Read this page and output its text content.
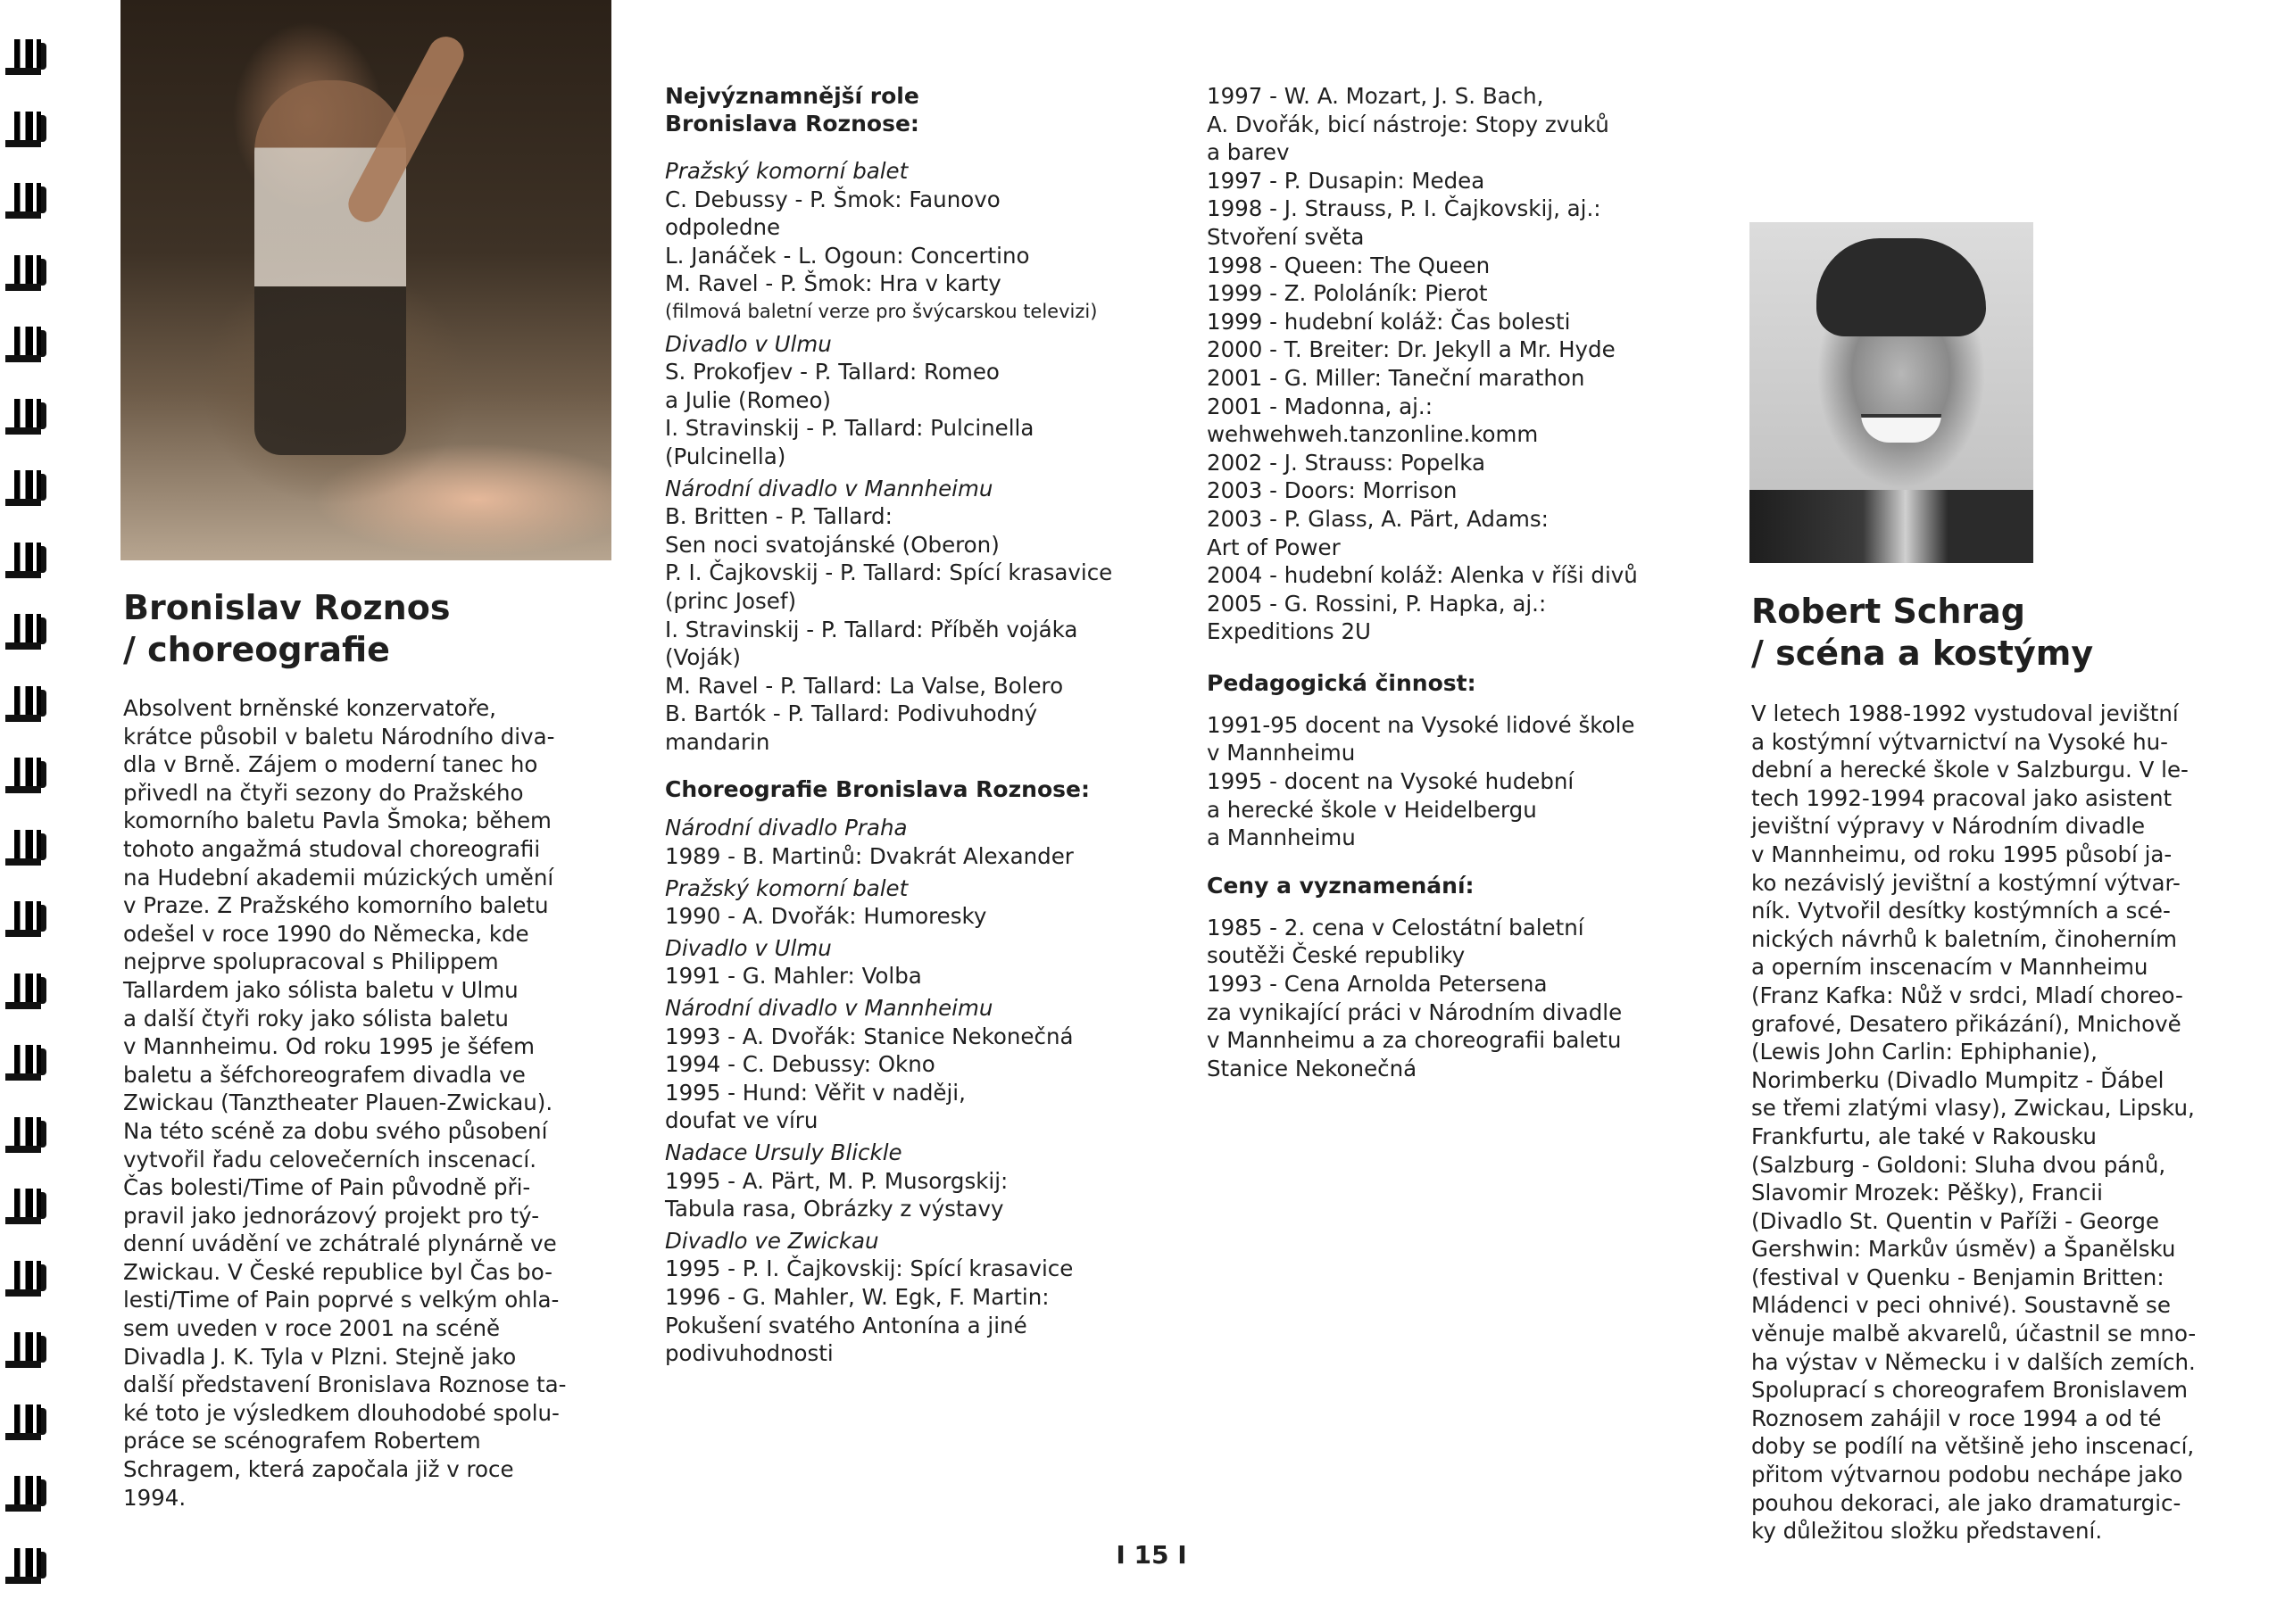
Bronislav Roznos
/ choreografie
Absolvent brněnské konzervatoře,
krátce působil v baletu Národního diva-
dla v Brně. Zájem o moderní tanec ho
přivedl na čtyři sezony do Pražského
komorního baletu Pavla Šmoka; během
tohoto angažmá studoval choreografii
na Hudební akademii múzických umění
v Praze. Z Pražského komorního baletu
odešel v roce 1990 do Německa, kde
nejprve spolupracoval s Philippem
Tallardem jako sólista baletu v Ulmu
a další čtyři roky jako sólista baletu
v Mannheimu. Od roku 1995 je šéfem
baletu a šéfchoreografem divadla ve
Zwickau (Tanztheater Plauen-Zwickau).
Na této scéně za dobu svého působení
vytvořil řadu celovečerních inscenací.
Čas bolesti/Time of Pain původně při-
pravil jako jednorázový projekt pro tý-
denní uvádění ve zchátralé plynárně ve
Zwickau. V České republice byl Čas bo-
lesti/Time of Pain poprvé s velkým ohla-
sem uveden v roce 2001 na scéně
Divadla J. K. Tyla v Plzni. Stejně jako
další představení Bronislava Roznose ta-
ké toto je výsledkem dlouhodobé spolu-
práce se scénografem Robertem
Schragem, která započala již v roce
1994.
Nejvýznamnější role
Bronislava Roznose:
Pražský komorní balet
C. Debussy - P. Šmok: Faunovo
odpoledne
L. Janáček - L. Ogoun: Concertino
M. Ravel - P. Šmok: Hra v karty
(filmová baletní verze pro švýcarskou televizi)
Divadlo v Ulmu
S. Prokofjev - P. Tallard: Romeo
a Julie (Romeo)
I. Stravinskij - P. Tallard: Pulcinella
(Pulcinella)
Národní divadlo v Mannheimu
B. Britten - P. Tallard:
Sen noci svatojánské (Oberon)
P. I. Čajkovskij - P. Tallard: Spící krasavice
(princ Josef)
I. Stravinskij - P. Tallard: Příběh vojáka
(Voják)
M. Ravel - P. Tallard: La Valse, Bolero
B. Bartók - P. Tallard: Podivuhodný
mandarin
Choreografie Bronislava Roznose:
Národní divadlo Praha
1989 - B. Martinů: Dvakrát Alexander
Pražský komorní balet
1990 - A. Dvořák: Humoresky
Divadlo v Ulmu
1991 - G. Mahler: Volba
Národní divadlo v Mannheimu
1993 - A. Dvořák: Stanice Nekonečná
1994 - C. Debussy: Okno
1995 - Hund: Věřit v naději,
doufat ve víru
Nadace Ursuly Blickle
1995 - A. Pärt, M. P. Musorgskij:
Tabula rasa, Obrázky z výstavy
Divadlo ve Zwickau
1995 - P. I. Čajkovskij: Spící krasavice
1996 - G. Mahler, W. Egk, F. Martin:
Pokušení svatého Antonína a jiné
podivuhodnosti
1997 - W. A. Mozart, J. S. Bach,
A. Dvořák, bicí nástroje: Stopy zvuků
a barev
1997 - P. Dusapin: Medea
1998 - J. Strauss, P. I. Čajkovskij, aj.:
Stvoření světa
1998 - Queen: The Queen
1999 - Z. Pololáník: Pierot
1999 - hudební koláž: Čas bolesti
2000 - T. Breiter: Dr. Jekyll a Mr. Hyde
2001 - G. Miller: Taneční marathon
2001 - Madonna, aj.:
wehwehweh.tanzonline.komm
2002 - J. Strauss: Popelka
2003 - Doors: Morrison
2003 - P. Glass, A. Pärt, Adams:
Art of Power
2004 - hudební koláž: Alenka v říši divů
2005 - G. Rossini, P. Hapka, aj.:
Expeditions 2U
Pedagogická činnost:
1991-95 docent na Vysoké lidové škole
v Mannheimu
1995 - docent na Vysoké hudební
a herecké škole v Heidelbergu
a Mannheimu
Ceny a vyznamenání:
1985 - 2. cena v Celostátní baletní
soutěži České republiky
1993 - Cena Arnolda Petersena
za vynikající práci v Národním divadle
v Mannheimu a za choreografii baletu
Stanice Nekonečná
Robert Schrag
/ scéna a kostýmy
V letech 1988-1992 vystudoval jevištní
a kostýmní výtvarnictví na Vysoké hu-
dební a herecké škole v Salzburgu. V le-
tech 1992-1994 pracoval jako asistent
jevištní výpravy v Národním divadle
v Mannheimu, od roku 1995 působí ja-
ko nezávislý jevištní a kostýmní výtvar-
ník. Vytvořil desítky kostýmních a scé-
nických návrhů k baletním, činoherním
a operním inscenacím v Mannheimu
(Franz Kafka: Nůž v srdci, Mladí choreo-
grafové, Desatero přikázání), Mnichově
(Lewis John Carlin: Ephiphanie),
Norimberku (Divadlo Mumpitz - Ďábel
se třemi zlatými vlasy), Zwickau, Lipsku,
Frankfurtu, ale také v Rakousku
(Salzburg - Goldoni: Sluha dvou pánů,
Slavomir Mrozek: Pěšky), Francii
(Divadlo St. Quentin v Paříži - George
Gershwin: Markův úsměv) a Španělsku
(festival v Quenku - Benjamin Britten:
Mládenci v peci ohnivé). Soustavně se
věnuje malbě akvarelů, účastnil se mno-
ha výstav v Německu i v dalších zemích.
Spoluprací s choreografem Bronislavem
Roznosem zahájil v roce 1994 a od té
doby se podílí na většině jeho inscenací,
přitom výtvarnou podobu nechápe jako
pouhou dekoraci, ale jako dramaturgic-
ky důležitou složku představení.
I 15 I
